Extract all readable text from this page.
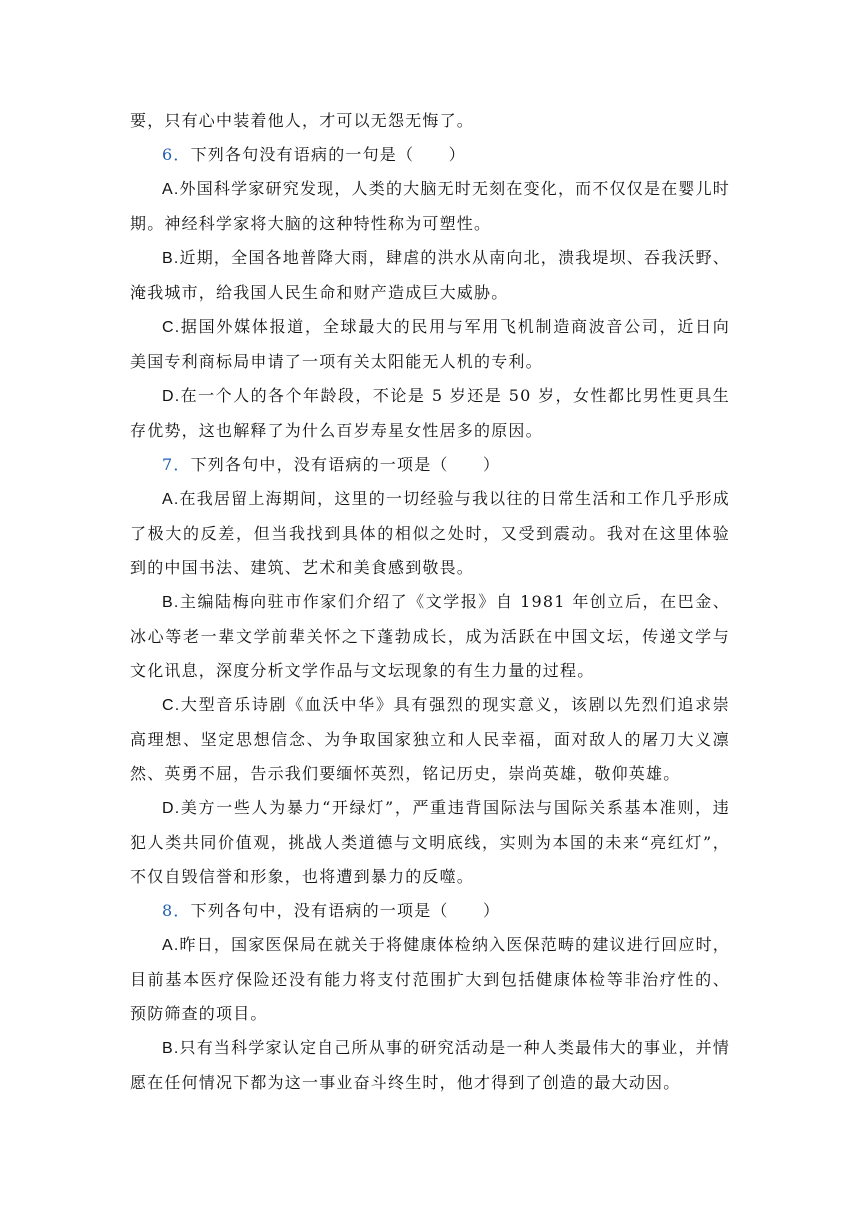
要，只有心中装着他人，才可以无怨无悔了。

6．下列各句没有语病的一句是（　　）

A.外国科学家研究发现，人类的大脑无时无刻在变化，而不仅仅是在婴儿时期。神经科学家将大脑的这种特性称为可塑性。

B.近期，全国各地普降大雨，肆虐的洪水从南向北，溃我堤坝、吞我沃野、淹我城市，给我国人民生命和财产造成巨大威胁。

C.据国外媒体报道，全球最大的民用与军用飞机制造商波音公司，近日向美国专利商标局申请了一项有关太阳能无人机的专利。

D.在一个人的各个年龄段，不论是 5 岁还是 50 岁，女性都比男性更具生存优势，这也解释了为什么百岁寿星女性居多的原因。

7．下列各句中，没有语病的一项是（　　）

A.在我居留上海期间，这里的一切经验与我以往的日常生活和工作几乎形成了极大的反差，但当我找到具体的相似之处时，又受到震动。我对在这里体验到的中国书法、建筑、艺术和美食感到敬畏。

B.主编陆梅向驻市作家们介绍了《文学报》自 1981 年创立后，在巴金、冰心等老一辈文学前辈关怀之下蓬勃成长，成为活跃在中国文坛，传递文学与文化讯息，深度分析文学作品与文坛现象的有生力量的过程。

C.大型音乐诗剧《血沃中华》具有强烈的现实意义，该剧以先烈们追求崇高理想、坚定思想信念、为争取国家独立和人民幸福，面对敌人的屠刀大义凛然、英勇不屈，告示我们要缅怀英烈，铭记历史，崇尚英雄，敬仰英雄。

D.美方一些人为暴力“开绿灯”，严重违背国际法与国际关系基本准则，违犯人类共同价值观，挑战人类道德与文明底线，实则为本国的未来“亮红灯”，不仅自毁信誉和形象，也将遭到暴力的反噬。

8．下列各句中，没有语病的一项是（　　）

A.昨日，国家医保局在就关于将健康体检纳入医保范畴的建议进行回应时，目前基本医疗保险还没有能力将支付范围扩大到包括健康体检等非治疗性的、预防筛查的项目。

B.只有当科学家认定自己所从事的研究活动是一种人类最伟大的事业，并情愿在任何情况下都为这一事业奋斗终生时，他才得到了创造的最大动因。
